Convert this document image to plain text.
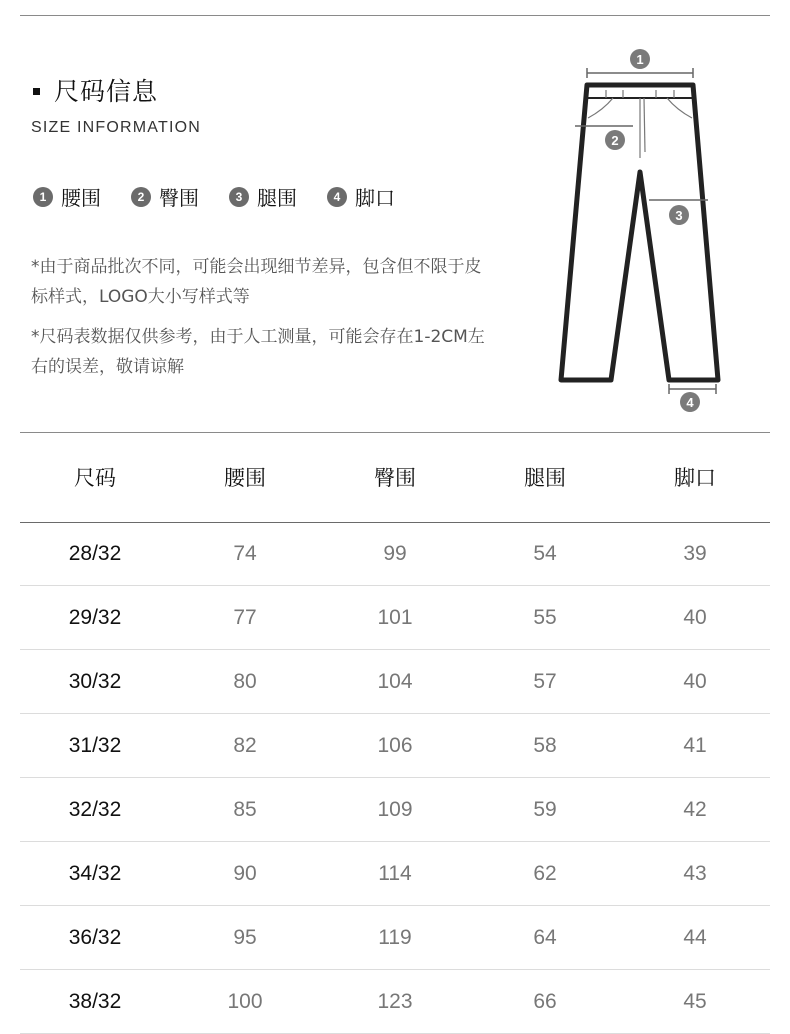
尺码信息
SIZE INFORMATION
1 腰围	2 臀围	3 腿围	4 脚口

*由于商品批次不同，可能会出现细节差异，包含但不限于皮标样式，LOGO大小写样式等

*尺码表数据仅供参考，由于人工测量，可能会存在1-2CM左右的误差，敬请谅解

1
2
3
4
尺码	腰围	臀围	腿围	脚口
28/32	74	99	54	39
29/32	77	101	55	40
30/32	80	104	57	40
31/32	82	106	58	41
32/32	85	109	59	42
34/32	90	114	62	43
36/32	95	119	64	44
38/32	100	123	66	45
